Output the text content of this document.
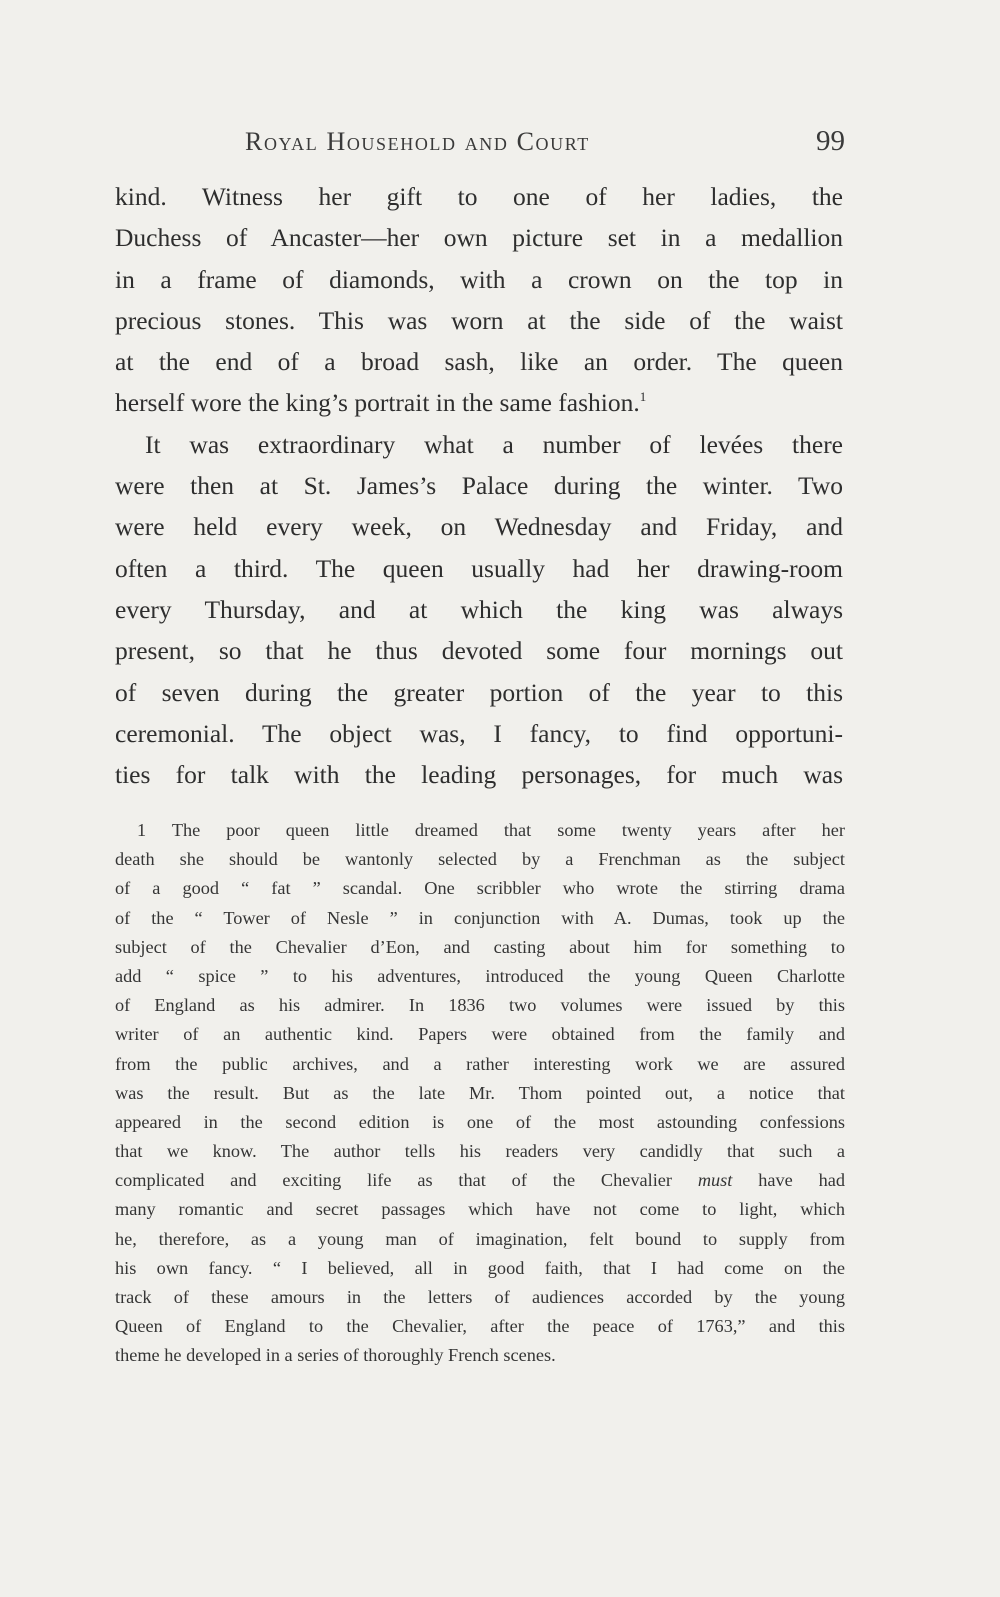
Royal Household and Court	99
kind. Witness her gift to one of her ladies, the
Duchess of Ancaster—her own picture set in a medallion
in a frame of diamonds, with a crown on the top in
precious stones. This was worn at the side of the waist
at the end of a broad sash, like an order. The queen
herself wore the king’s portrait in the same fashion.$^1$
It was extraordinary what a number of levées there
were then at St. James’s Palace during the winter. Two
were held every week, on Wednesday and Friday, and
often a third. The queen usually had her drawing-room
every Thursday, and at which the king was always
present, so that he thus devoted some four mornings out
of seven during the greater portion of the year to this
ceremonial. The object was, I fancy, to find opportuni-
ties for talk with the leading personages, for much was
1 The poor queen little dreamed that some twenty years after her
death she should be wantonly selected by a Frenchman as the subject
of a good “ fat ” scandal. One scribbler who wrote the stirring drama
of the “ Tower of Nesle ” in conjunction with A. Dumas, took up the
subject of the Chevalier d’Eon, and casting about him for something to
add “ spice ” to his adventures, introduced the young Queen Charlotte
of England as his admirer. In 1836 two volumes were issued by this
writer of an authentic kind. Papers were obtained from the family and
from the public archives, and a rather interesting work we are assured
was the result. But as the late Mr. Thom pointed out, a notice that
appeared in the second edition is one of the most astounding confessions
that we know. The author tells his readers very candidly that such a
complicated and exciting life as that of the Chevalier must have had
many romantic and secret passages which have not come to light, which
he, therefore, as a young man of imagination, felt bound to supply from
his own fancy. “ I believed, all in good faith, that I had come on the
track of these amours in the letters of audiences accorded by the young
Queen of England to the Chevalier, after the peace of 1763,” and this
theme he developed in a series of thoroughly French scenes.
